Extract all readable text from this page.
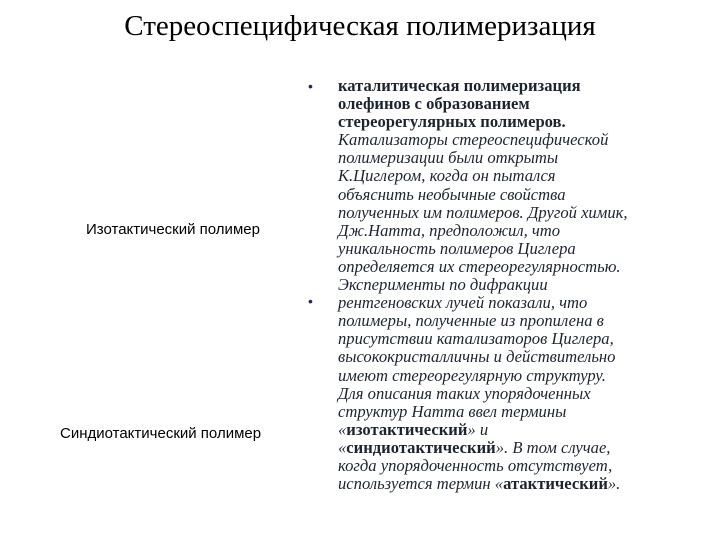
Стереоспецифическая полимеризация
Изотактический полимер
Синдиотактический полимер
•
•
каталитическая полимеризация
олефинов с образованием
стереорегулярных полимеров.
Катализаторы стереоспецифической
полимеризации были открыты
К.Циглером, когда он пытался
объяснить необычные свойства
полученных им полимеров. Другой химик,
Дж.Натта, предположил, что
уникальность полимеров Циглера
определяется их стереорегулярностью.
Эксперименты по дифракции
рентгеновских лучей показали, что
полимеры, полученные из пропилена в
присутствии катализаторов Циглера,
высококристалличны и действительно
имеют стереорегулярную структуру.
Для описания таких упорядоченных
структур Натта ввел термины
«изотактический» и
«синдиотактический». В том случае,
когда упорядоченность отсутствует,
используется термин «атактический».
